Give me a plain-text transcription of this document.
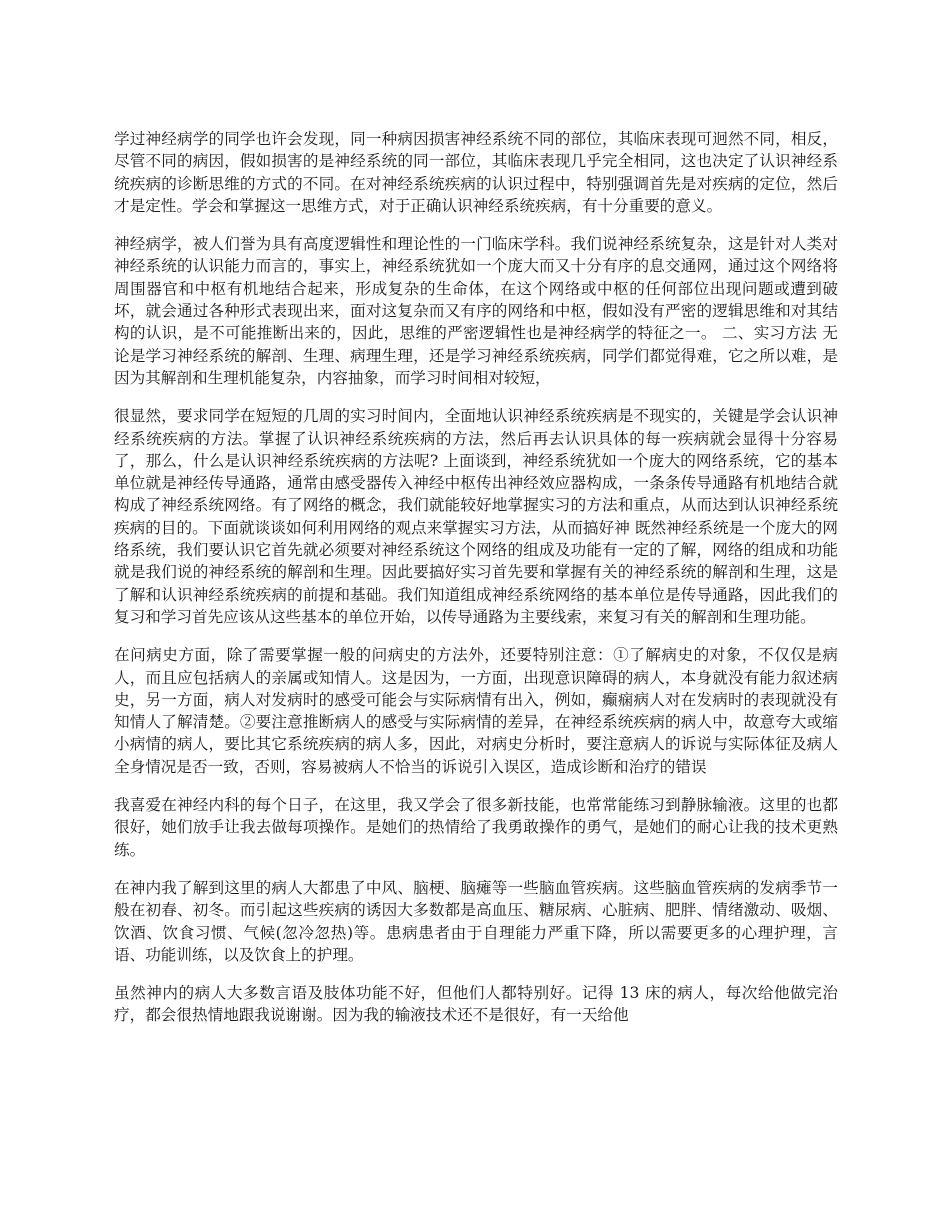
学过神经病学的同学也许会发现，同一种病因损害神经系统不同的部位，其临床表现可迥然不同，相反，尽管不同的病因，假如损害的是神经系统的同一部位，其临床表现几乎完全相同，这也决定了认识神经系统疾病的诊断思维的方式的不同。在对神经系统疾病的认识过程中，特别强调首先是对疾病的定位，然后才是定性。学会和掌握这一思维方式，对于正确认识神经系统疾病，有十分重要的意义。

神经病学，被人们誉为具有高度逻辑性和理论性的一门临床学科。我们说神经系统复杂，这是针对人类对神经系统的认识能力而言的，事实上，神经系统犹如一个庞大而又十分有序的息交通网，通过这个网络将周围器官和中枢有机地结合起来，形成复杂的生命体，在这个网络或中枢的任何部位出现问题或遭到破坏，就会通过各种形式表现出来，面对这复杂而又有序的网络和中枢，假如没有严密的逻辑思维和对其结构的认识，是不可能推断出来的，因此，思维的严密逻辑性也是神经病学的特征之一。 二、实习方法 无论是学习神经系统的解剖、生理、病理生理，还是学习神经系统疾病，同学们都觉得难，它之所以难，是因为其解剖和生理机能复杂，内容抽象，而学习时间相对较短，

很显然，要求同学在短短的几周的实习时间内，全面地认识神经系统疾病是不现实的，关键是学会认识神经系统疾病的方法。掌握了认识神经系统疾病的方法，然后再去认识具体的每一疾病就会显得十分容易了，那么，什么是认识神经系统疾病的方法呢? 上面谈到，神经系统犹如一个庞大的网络系统，它的基本单位就是神经传导通路，通常由感受器传入神经中枢传出神经效应器构成，一条条传导通路有机地结合就构成了神经系统网络。有了网络的概念，我们就能较好地掌握实习的方法和重点，从而达到认识神经系统疾病的目的。下面就谈谈如何利用网络的观点来掌握实习方法，从而搞好神 既然神经系统是一个庞大的网络系统，我们要认识它首先就必须要对神经系统这个网络的组成及功能有一定的了解，网络的组成和功能就是我们说的神经系统的解剖和生理。因此要搞好实习首先要和掌握有关的神经系统的解剖和生理，这是了解和认识神经系统疾病的前提和基础。我们知道组成神经系统网络的基本单位是传导通路，因此我们的复习和学习首先应该从这些基本的单位开始，以传导通路为主要线索，来复习有关的解剖和生理功能。

在问病史方面，除了需要掌握一般的问病史的方法外，还要特别注意：①了解病史的对象，不仅仅是病人，而且应包括病人的亲属或知情人。这是因为，一方面，出现意识障碍的病人，本身就没有能力叙述病史，另一方面，病人对发病时的感受可能会与实际病情有出入，例如，癫痫病人对在发病时的表现就没有知情人了解清楚。②要注意推断病人的感受与实际病情的差异，在神经系统疾病的病人中，故意夸大或缩小病情的病人，要比其它系统疾病的病人多，因此，对病史分析时，要注意病人的诉说与实际体征及病人全身情况是否一致，否则，容易被病人不恰当的诉说引入误区，造成诊断和治疗的错误

我喜爱在神经内科的每个日子，在这里，我又学会了很多新技能，也常常能练习到静脉输液。这里的也都很好，她们放手让我去做每项操作。是她们的热情给了我勇敢操作的勇气，是她们的耐心让我的技术更熟练。

在神内我了解到这里的病人大都患了中风、脑梗、脑瘫等一些脑血管疾病。这些脑血管疾病的发病季节一般在初春、初冬。而引起这些疾病的诱因大多数都是高血压、糖尿病、心脏病、肥胖、情绪激动、吸烟、饮酒、饮食习惯、气候(忽冷忽热)等。患病患者由于自理能力严重下降，所以需要更多的心理护理，言语、功能训练，以及饮食上的护理。

虽然神内的病人大多数言语及肢体功能不好，但他们人都特别好。记得 13 床的病人，每次给他做完治疗，都会很热情地跟我说谢谢。因为我的输液技术还不是很好，有一天给他
